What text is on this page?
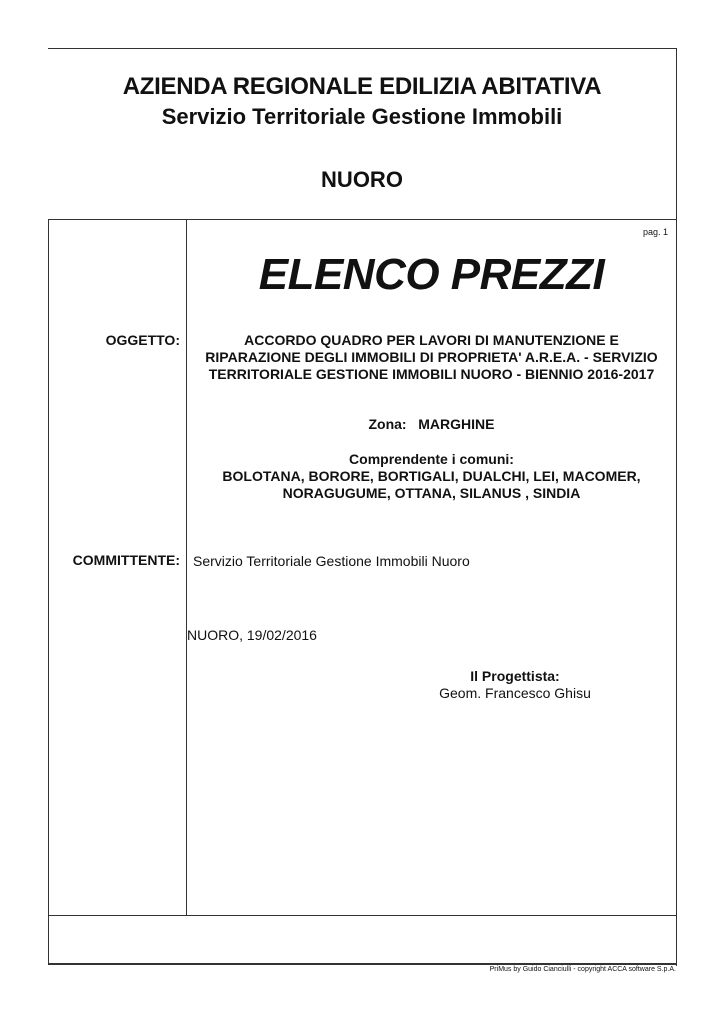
AZIENDA REGIONALE EDILIZIA ABITATIVA
Servizio Territoriale Gestione Immobili
NUORO
pag. 1
ELENCO PREZZI
OGGETTO:	ACCORDO QUADRO PER LAVORI DI MANUTENZIONE E
RIPARAZIONE DEGLI IMMOBILI DI PROPRIETA' A.R.E.A. - SERVIZIO
TERRITORIALE GESTIONE IMMOBILI NUORO - BIENNIO 2016-2017
Zona: MARGHINE
Comprendente i comuni:
BOLOTANA, BORORE, BORTIGALI, DUALCHI, LEI, MACOMER,
NORAGUGUME, OTTANA, SILANUS , SINDIA
COMMITTENTE: Servizio Territoriale Gestione Immobili Nuoro
NUORO, 19/02/2016
Il Progettista:
Geom. Francesco Ghisu
PriMus by Guido Cianciulli - copyright ACCA software S.p.A.
